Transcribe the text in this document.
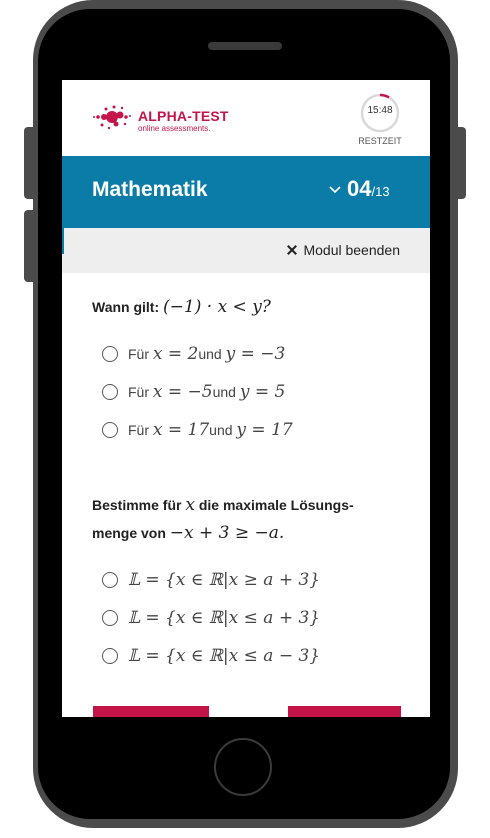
ALPHA-TEST
online assessments.
15:48
RESTZEIT
Mathematik	04/13
Modul beenden
Wann gilt: (−1) · x < y?
Für
x = 2 und
y = −3
Für
x = −5 und
y = 5
Für
x = 17 und
y = 17
Bestimme für x die maximale Lösungs-
menge von −x + 3 ≥ −a.
𝕃 = {x ∈ ℝ|x ≥ a + 3}
𝕃 = {x ∈ ℝ|x ≤ a + 3}
𝕃 = {x ∈ ℝ|x ≤ a − 3}
